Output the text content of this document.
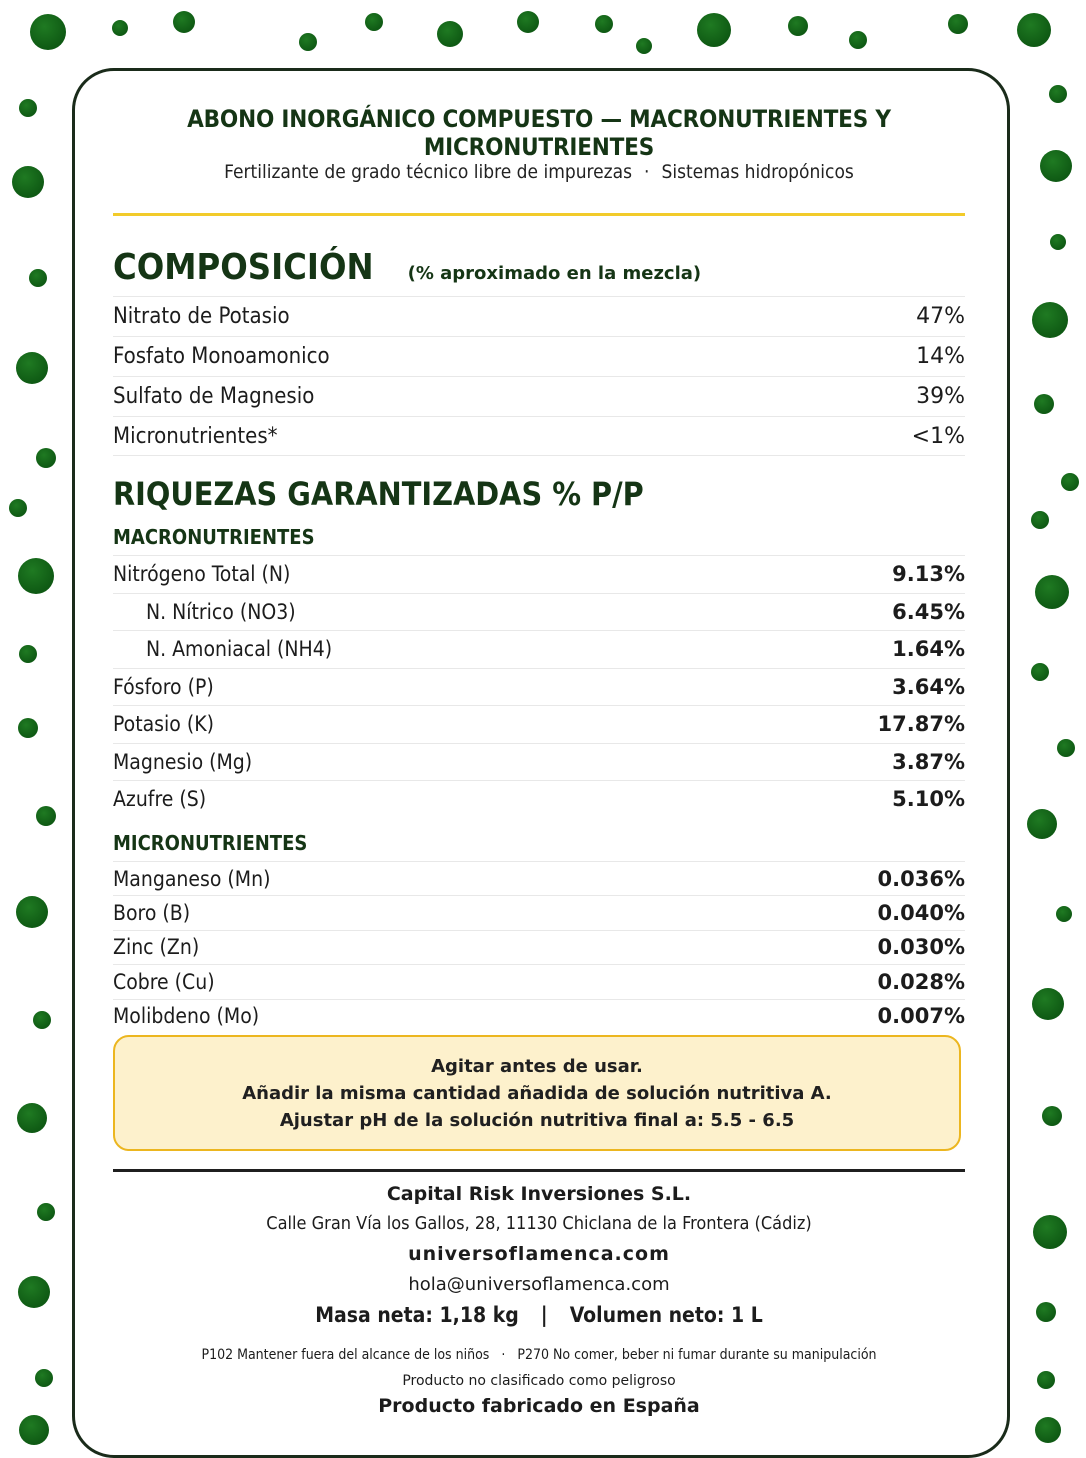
ABONO INORGÁNICO COMPUESTO — MACRONUTRIENTES Y MICRONUTRIENTES
Fertilizante de grado técnico libre de impurezas · Sistemas hidropónicos
COMPOSICIÓN (% aproximado en la mezcla)
Nitrato de Potasio	47%
Fosfato Monoamonico	14%
Sulfato de Magnesio	39%
Micronutrientes*	<1%
RIQUEZAS GARANTIZADAS % P/P
MACRONUTRIENTES
Nitrógeno Total (N)	9.13%
N. Nítrico (NO3)	6.45%
N. Amoniacal (NH4)	1.64%
Fósforo (P)	3.64%
Potasio (K)	17.87%
Magnesio (Mg)	3.87%
Azufre (S)	5.10%
MICRONUTRIENTES
Manganeso (Mn)	0.036%
Boro (B)	0.040%
Zinc (Zn)	0.030%
Cobre (Cu)	0.028%
Molibdeno (Mo)	0.007%
Agitar antes de usar.
Añadir la misma cantidad añadida de solución nutritiva A.
Ajustar pH de la solución nutritiva final a: 5.5 - 6.5
Capital Risk Inversiones S.L.
Calle Gran Vía los Gallos, 28, 11130 Chiclana de la Frontera (Cádiz)
universoflamenca.com
hola@universoflamenca.com
Masa neta: 1,18 kg | Volumen neto: 1 L
P102 Mantener fuera del alcance de los niños · P270 No comer, beber ni fumar durante su manipulación
Producto no clasificado como peligroso
Producto fabricado en España
